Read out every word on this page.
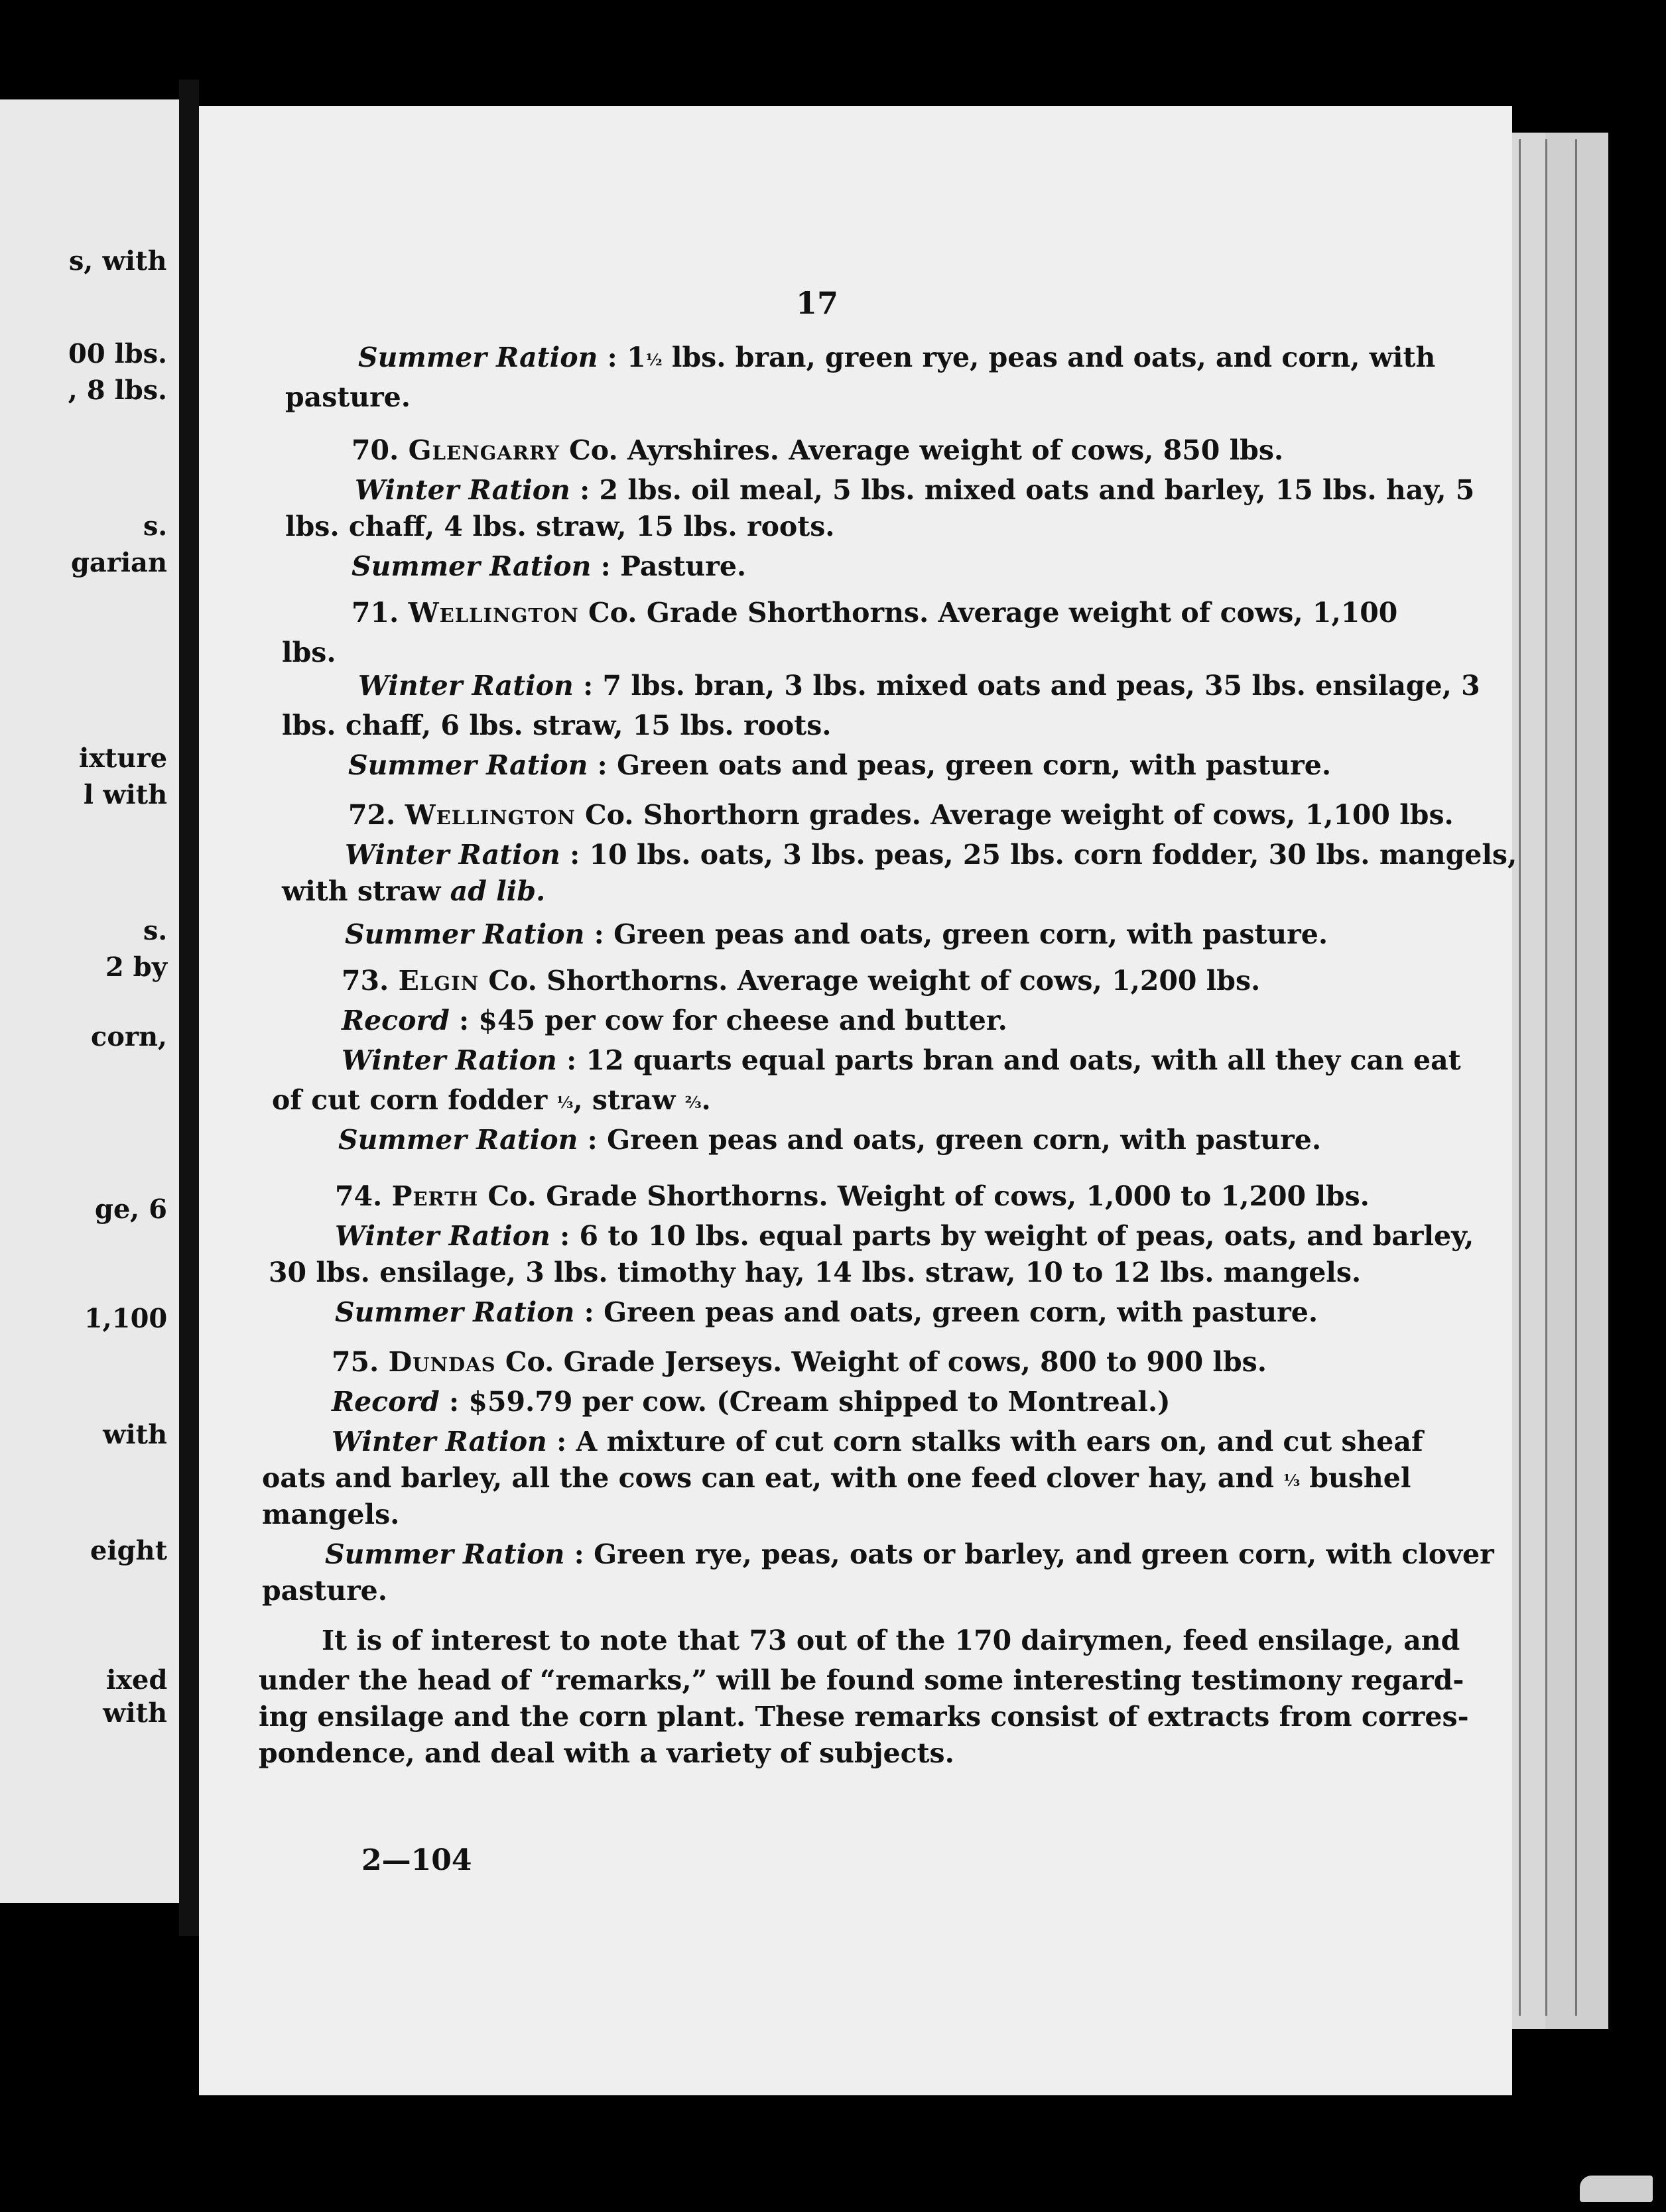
s, with
00 lbs.
, 8 lbs.
s.
garian
ixture
l with
s.
2 by
corn,
ge, 6
1,100
with
eight
ixed
with
17
Summer Ration : 1½ lbs. bran, green rye, peas and oats, and corn, with
pasture.
70. Glengarry Co. Ayrshires. Average weight of cows, 850 lbs.
Winter Ration : 2 lbs. oil meal, 5 lbs. mixed oats and barley, 15 lbs. hay, 5
lbs. chaff, 4 lbs. straw, 15 lbs. roots.
Summer Ration : Pasture.
71. Wellington Co. Grade Shorthorns. Average weight of cows, 1,100
lbs.
Winter Ration : 7 lbs. bran, 3 lbs. mixed oats and peas, 35 lbs. ensilage, 3
lbs. chaff, 6 lbs. straw, 15 lbs. roots.
Summer Ration : Green oats and peas, green corn, with pasture.
72. Wellington Co. Shorthorn grades. Average weight of cows, 1,100 lbs.
Winter Ration : 10 lbs. oats, 3 lbs. peas, 25 lbs. corn fodder, 30 lbs. mangels,
with straw ad lib.
Summer Ration : Green peas and oats, green corn, with pasture.
73. Elgin Co. Shorthorns. Average weight of cows, 1,200 lbs.
Record : $45 per cow for cheese and butter.
Winter Ration : 12 quarts equal parts bran and oats, with all they can eat
of cut corn fodder ⅓, straw ⅔.
Summer Ration : Green peas and oats, green corn, with pasture.
74. Perth Co. Grade Shorthorns. Weight of cows, 1,000 to 1,200 lbs.
Winter Ration : 6 to 10 lbs. equal parts by weight of peas, oats, and barley,
30 lbs. ensilage, 3 lbs. timothy hay, 14 lbs. straw, 10 to 12 lbs. mangels.
Summer Ration : Green peas and oats, green corn, with pasture.
75. Dundas Co. Grade Jerseys. Weight of cows, 800 to 900 lbs.
Record : $59.79 per cow. (Cream shipped to Montreal.)
Winter Ration : A mixture of cut corn stalks with ears on, and cut sheaf
oats and barley, all the cows can eat, with one feed clover hay, and ⅓ bushel
mangels.
Summer Ration : Green rye, peas, oats or barley, and green corn, with clover
pasture.
It is of interest to note that 73 out of the 170 dairymen, feed ensilage, and
under the head of “remarks,” will be found some interesting testimony regard-
ing ensilage and the corn plant. These remarks consist of extracts from corres-
pondence, and deal with a variety of subjects.
2—104
